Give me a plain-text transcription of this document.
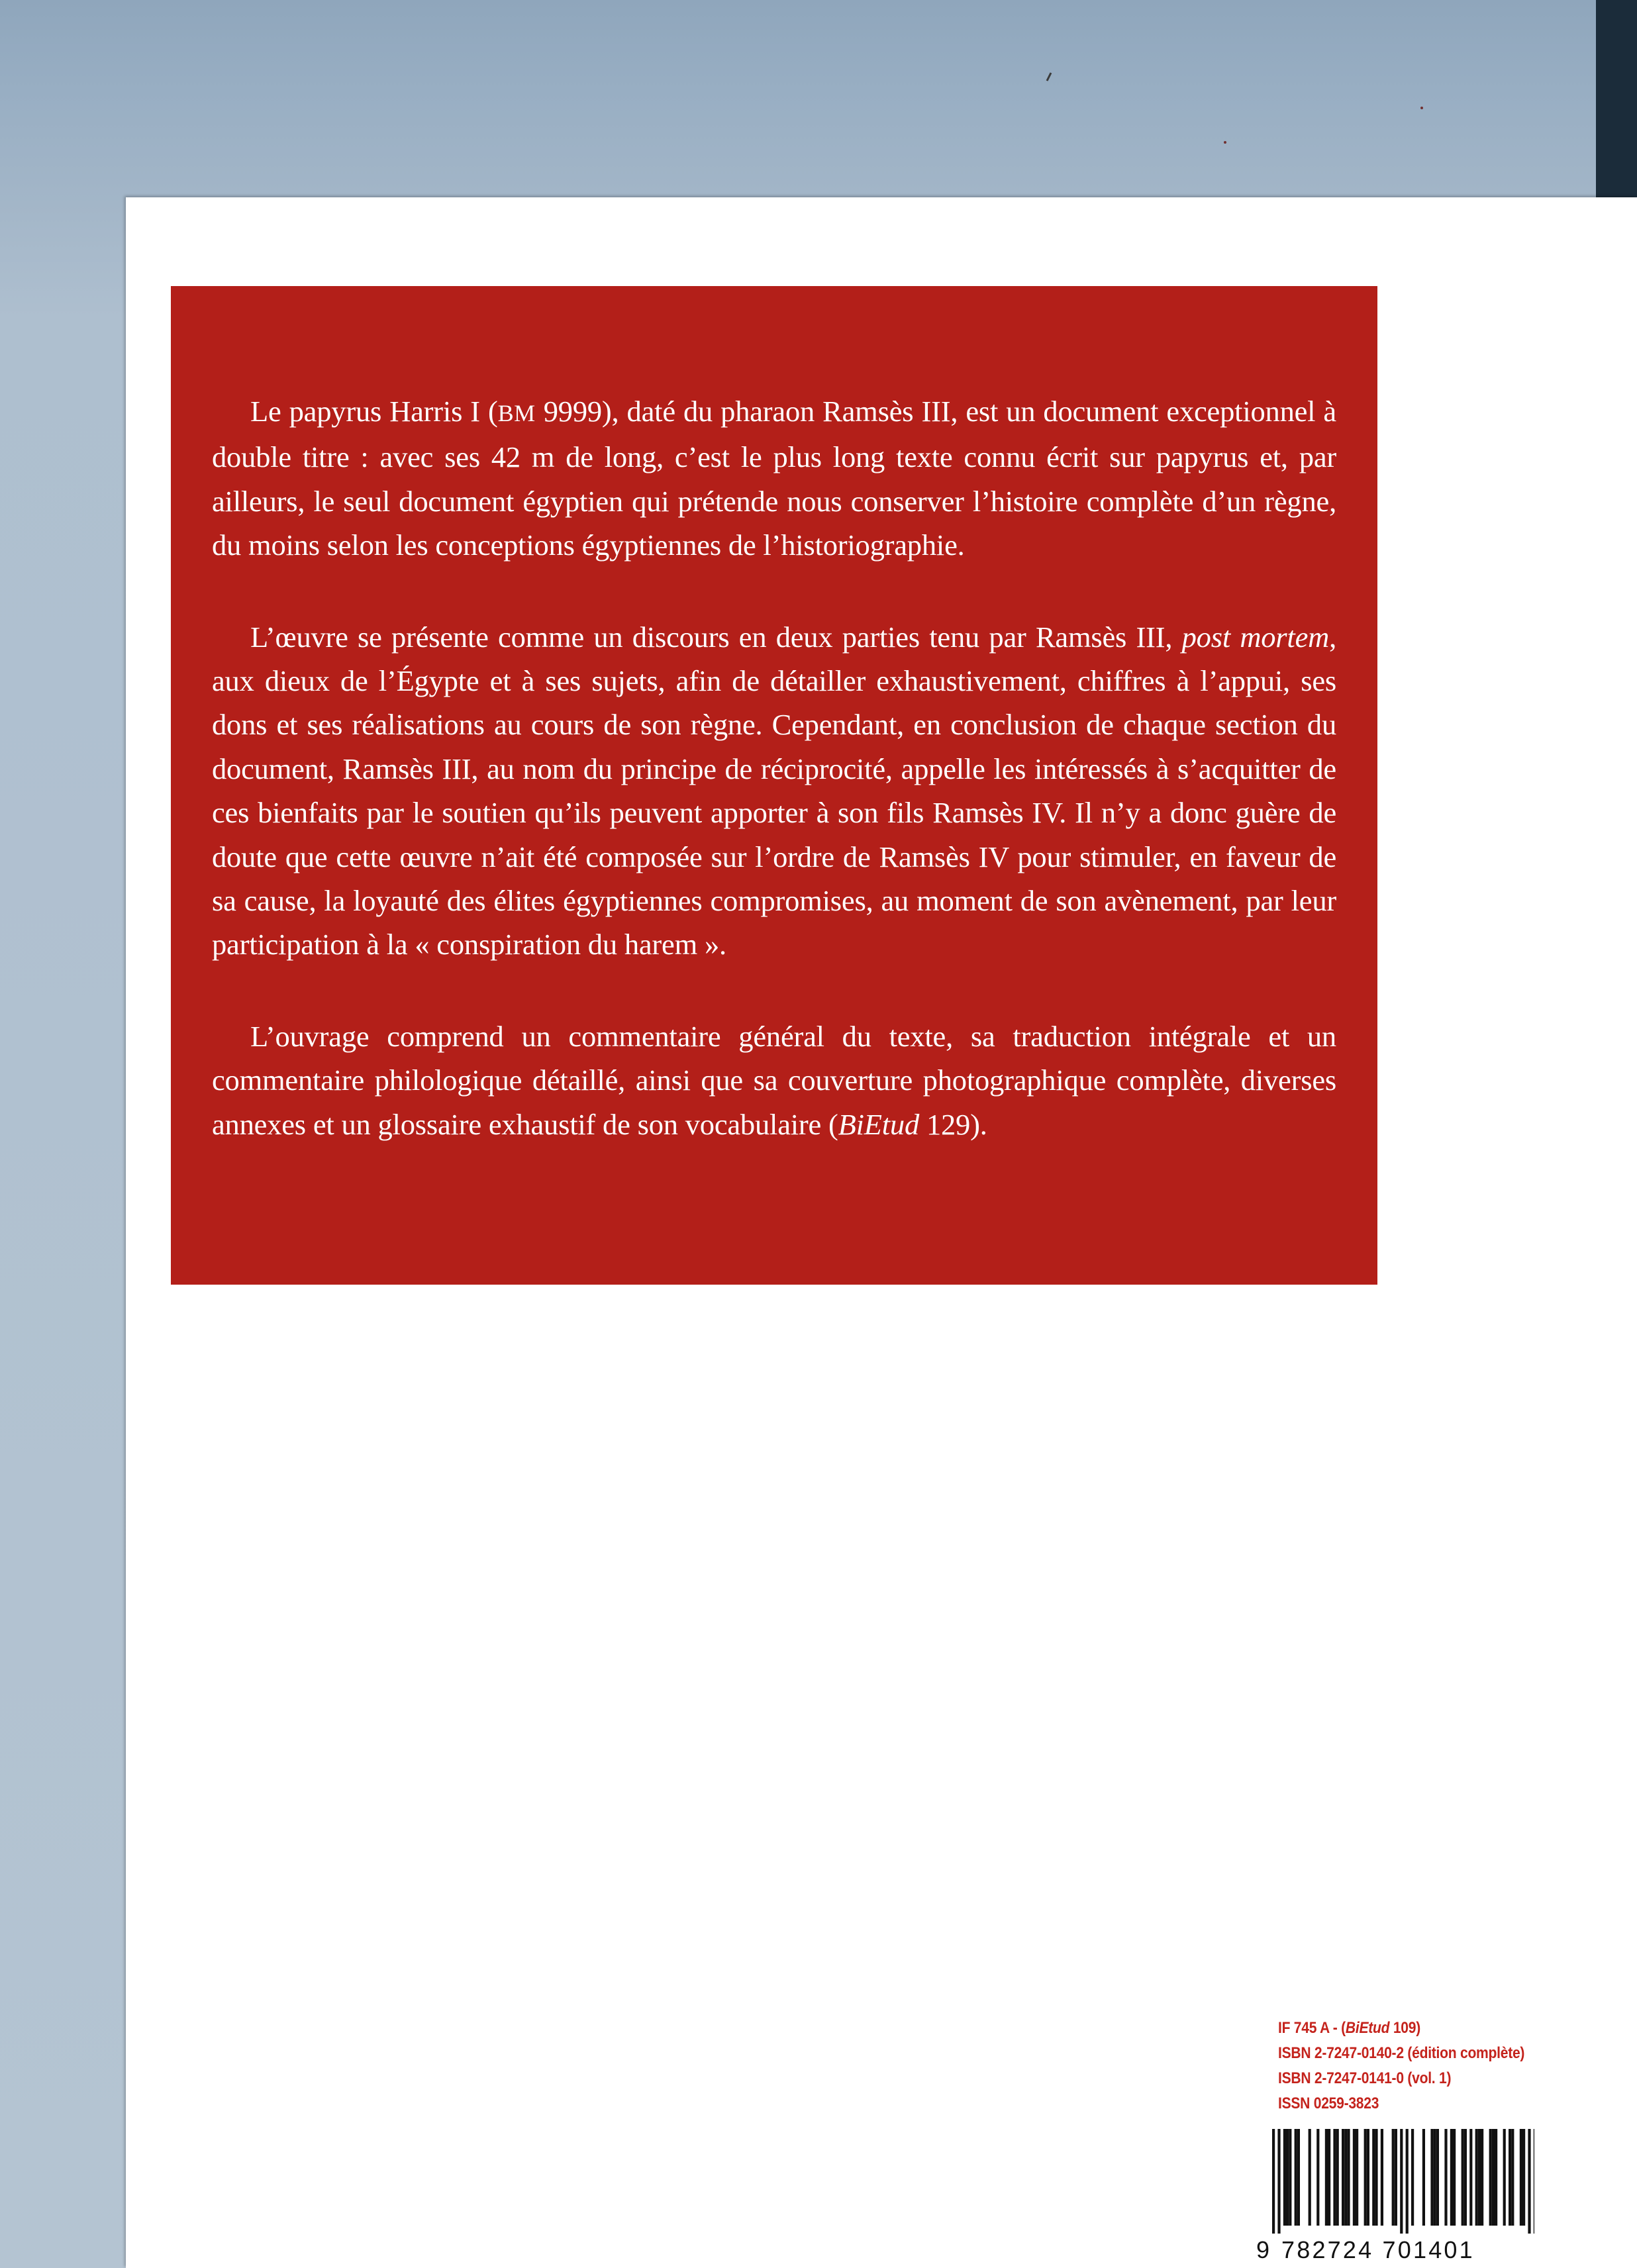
Le papyrus Harris I (BM 9999), daté du pharaon Ramsès III, est un document exceptionnel à double titre : avec ses 42 m de long, c’est le plus long texte connu écrit sur papyrus et, par ailleurs, le seul document égyptien qui prétende nous conserver l’histoire complète d’un règne, du moins selon les conceptions égyptiennes de l’historiographie.

L’œuvre se présente comme un discours en deux parties tenu par Ramsès III, post mortem, aux dieux de l’Égypte et à ses sujets, afin de détailler exhaustivement, chiffres à l’appui, ses dons et ses réalisations au cours de son règne. Cependant, en conclusion de chaque section du document, Ramsès III, au nom du principe de réciprocité, appelle les intéressés à s’acquitter de ces bienfaits par le soutien qu’ils peuvent apporter à son fils Ramsès IV. Il n’y a donc guère de doute que cette œuvre n’ait été composée sur l’ordre de Ramsès IV pour stimuler, en faveur de sa cause, la loyauté des élites égyptiennes compromises, au moment de son avènement, par leur participation à la « conspiration du harem ».

L’ouvrage comprend un commentaire général du texte, sa traduction intégrale et un commentaire philologique détaillé, ainsi que sa couverture photographique complète, diverses annexes et un glossaire exhaustif de son vocabulaire (BiEtud 129).

IF 745 A - (BiEtud 109)
ISBN 2-7247-0140-2 (édition complète)
ISBN 2-7247-0141-0 (vol. 1)
ISSN 0259-3823
9 782724 701401
